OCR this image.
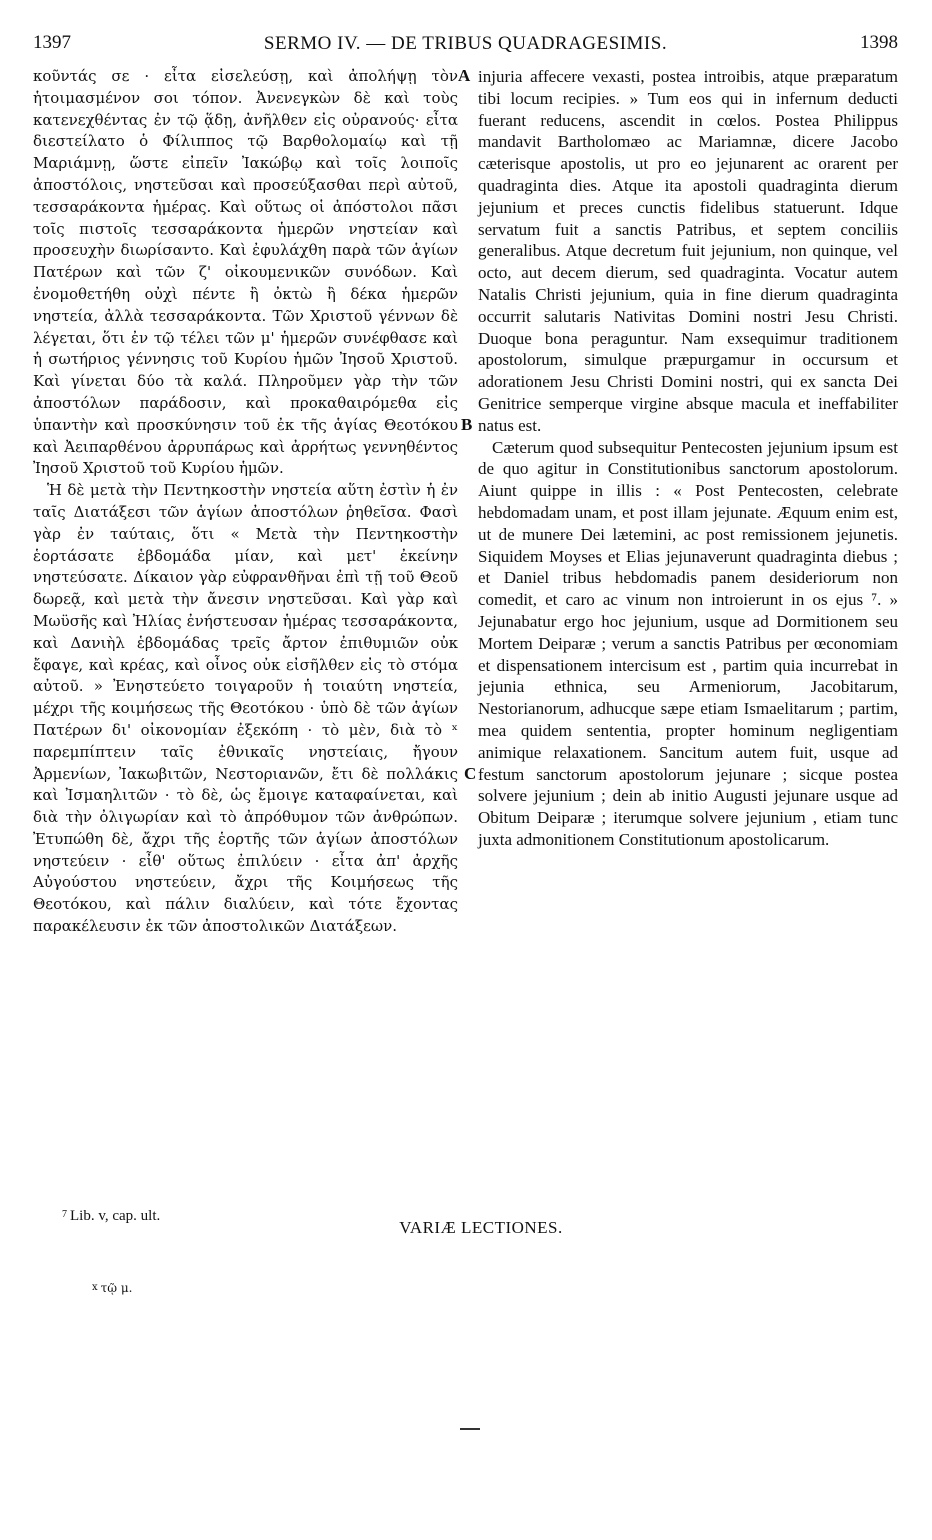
1397	SERMO IV. — DE TRIBUS QUADRAGESIMIS.	1398

κοῦντάς σε · εἶτα εἰσελεύσῃ, καὶ ἀπολήψῃ τὸν ἡτοιμασμένον σοι τόπον. Ἀνενεγκὼν δὲ καὶ τοὺς κατενεχθέντας ἐν τῷ ᾅδῃ, ἀνῆλθεν εἰς οὐρανούς· εἶτα διεστείλατο ὁ Φίλιππος τῷ Βαρθολομαίῳ καὶ τῇ Μαριάμνῃ, ὥστε εἰπεῖν Ἰακώβῳ καὶ τοῖς λοιποῖς ἀποστόλοις, νηστεῦσαι καὶ προσεύξασθαι περὶ αὐτοῦ, τεσσαράκοντα ἡμέρας. Καὶ οὕτως οἱ ἀπόστολοι πᾶσι τοῖς πιστοῖς τεσσαράκοντα ἡμερῶν νηστείαν καὶ προσευχὴν διωρίσαντο. Καὶ ἐφυλάχθη παρὰ τῶν ἁγίων Πατέρων καὶ τῶν ζ' οἰκουμενικῶν συνόδων. Καὶ ἐνομοθετήθη οὐχὶ πέντε ἢ ὀκτὼ ἢ δέκα ἡμερῶν νηστεία, ἀλλὰ τεσσαράκοντα. Τῶν Χριστοῦ γέννων δὲ λέγεται, ὅτι ἐν τῷ τέλει τῶν μ' ἡμερῶν συνέφθασε καὶ ἡ σωτήριος γέννησις τοῦ Κυρίου ἡμῶν Ἰησοῦ Χριστοῦ. Καὶ γίνεται δύο τὰ καλά. Πληροῦμεν γὰρ τὴν τῶν ἀποστόλων παράδοσιν, καὶ προκαθαιρόμεθα εἰς ὑπαντὴν καὶ προσκύνησιν τοῦ ἐκ τῆς ἁγίας Θεοτόκου καὶ Ἀειπαρθένου ἀρρυπάρως καὶ ἀρρήτως γεννηθέντος Ἰησοῦ Χριστοῦ τοῦ Κυρίου ἡμῶν.

Ἡ δὲ μετὰ τὴν Πεντηκοστὴν νηστεία αὕτη ἐστὶν ἡ ἐν ταῖς Διατάξεσι τῶν ἁγίων ἀποστόλων ῥηθεῖσα. Φασὶ γὰρ ἐν ταύταις, ὅτι « Μετὰ τὴν Πεντηκοστὴν ἑορτάσατε ἑβδομάδα μίαν, καὶ μετ' ἐκείνην νηστεύσατε. Δίκαιον γὰρ εὐφρανθῆναι ἐπὶ τῇ τοῦ Θεοῦ δωρεᾷ, καὶ μετὰ τὴν ἄνεσιν νηστεῦσαι. Καὶ γὰρ καὶ Μωϋσῆς καὶ Ἠλίας ἐνήστευσαν ἡμέρας τεσσαράκοντα, καὶ Δανιὴλ ἑβδομάδας τρεῖς ἄρτον ἐπιθυμιῶν οὐκ ἔφαγε, καὶ κρέας, καὶ οἶνος οὐκ εἰσῆλθεν εἰς τὸ στόμα αὐτοῦ. » Ἐνηστεύετο τοιγαροῦν ἡ τοιαύτη νηστεία, μέχρι τῆς κοιμήσεως τῆς Θεοτόκου · ὑπὸ δὲ τῶν ἁγίων Πατέρων δι' οἰκονομίαν ἐξεκόπη · τὸ μὲν, διὰ τὸ ˣ παρεμπίπτειν ταῖς ἐθνικαῖς νηστείαις, ἤγουν Ἀρμενίων, Ἰακωβιτῶν, Νεστοριανῶν, ἔτι δὲ πολλάκις καὶ Ἰσμαηλιτῶν · τὸ δὲ, ὡς ἔμοιγε καταφαίνεται, καὶ διὰ τὴν ὀλιγωρίαν καὶ τὸ ἀπρόθυμον τῶν ἀνθρώπων. Ἐτυπώθη δὲ, ἄχρι τῆς ἑορτῆς τῶν ἁγίων ἀποστόλων νηστεύειν · εἶθ' οὕτως ἐπιλύειν · εἶτα ἀπ' ἀρχῆς Αὐγούστου νηστεύειν, ἄχρι τῆς Κοιμήσεως τῆς Θεοτόκου, καὶ πάλιν διαλύειν, καὶ τότε ἔχοντας παρακέλευσιν ἐκ τῶν ἀποστολικῶν Διατάξεων.

injuria affecere vexasti, postea introibis, atque præparatum tibi locum recipies. » Tum eos qui in infernum deducti fuerant reducens, ascendit in cœlos. Postea Philippus mandavit Bartholomæo ac Mariamnæ, dicere Jacobo cæterisque apostolis, ut pro eo jejunarent ac orarent per quadraginta dies. Atque ita apostoli quadraginta dierum jejunium et preces cunctis fidelibus statuerunt. Idque servatum fuit a sanctis Patribus, et septem conciliis generalibus. Atque decretum fuit jejunium, non quinque, vel octo, aut decem dierum, sed quadraginta. Vocatur autem Natalis Christi jejunium, quia in fine dierum quadraginta occurrit salutaris Nativitas Domini nostri Jesu Christi. Duoque bona peraguntur. Nam exsequimur traditionem apostolorum, simulque præpurgamur in occursum et adorationem Jesu Christi Domini nostri, qui ex sancta Dei Genitrice semperque virgine absque macula et ineffabiliter natus est.

Cæterum quod subsequitur Pentecosten jejunium ipsum est de quo agitur in Constitutionibus sanctorum apostolorum. Aiunt quippe in illis : « Post Pentecosten, celebrate hebdomadam unam, et post illam jejunate. Æquum enim est, ut de munere Dei lætemini, ac post remissionem jejunetis. Siquidem Moyses et Elias jejunaverunt quadraginta diebus ; et Daniel tribus hebdomadis panem desideriorum non comedit, et caro ac vinum non introierunt in os ejus ⁷. » Jejunabatur ergo hoc jejunium, usque ad Dormitionem seu Mortem Deiparæ ; verum a sanctis Patribus per œconomiam et dispensationem intercisum est , partim quia incurrebat in jejunia ethnica, seu Armeniorum, Jacobitarum, Nestorianorum, adhucque sæpe etiam Ismaelitarum ; partim, mea quidem sententia, propter hominum negligentiam animique relaxationem. Sancitum autem fuit, usque ad festum sanctorum apostolorum jejunare ; sicque postea solvere jejunium ; dein ab initio Augusti jejunare usque ad Obitum Deiparæ ; iterumque solvere jejunium , etiam tunc juxta admonitionem Constitutionum apostolicarum.

A
B
C
$^7$ Lib. v, cap. ult.
VARIÆ LECTIONES.
$^x$ τῷ μ.
